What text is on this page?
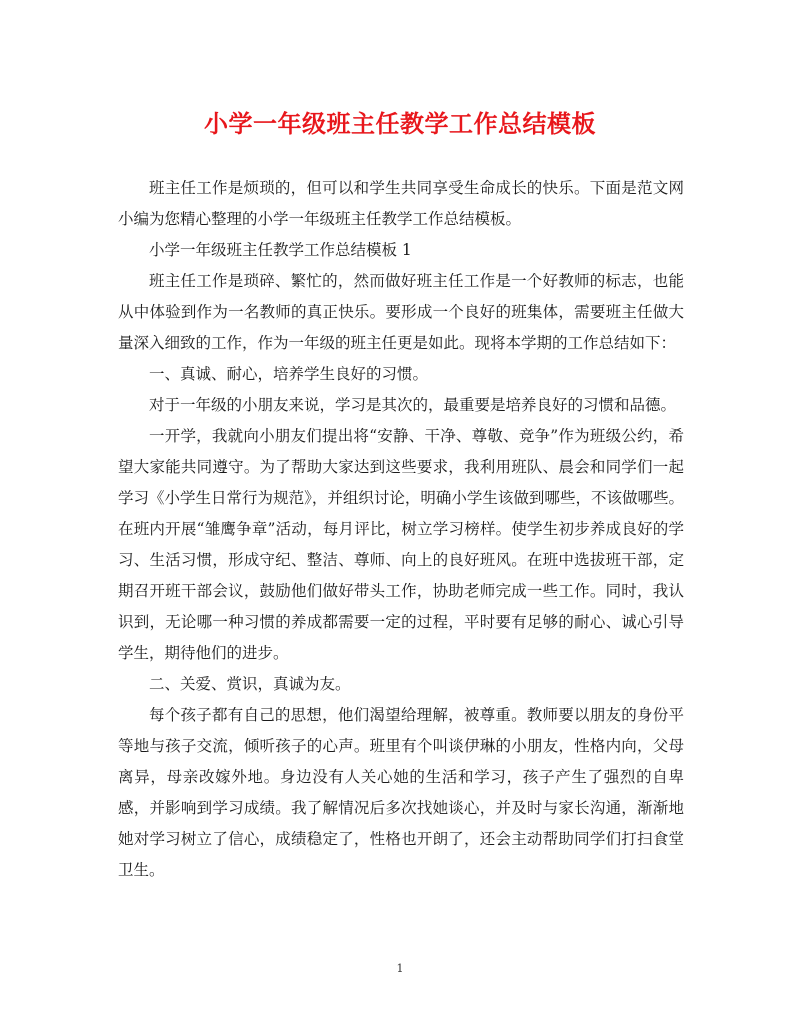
小学一年级班主任教学工作总结模板

班主任工作是烦琐的，但可以和学生共同享受生命成长的快乐。下面是范文网小编为您精心整理的小学一年级班主任教学工作总结模板。

小学一年级班主任教学工作总结模板 1

班主任工作是琐碎、繁忙的，然而做好班主任工作是一个好教师的标志，也能从中体验到作为一名教师的真正快乐。要形成一个良好的班集体，需要班主任做大量深入细致的工作，作为一年级的班主任更是如此。现将本学期的工作总结如下：

一、真诚、耐心，培养学生良好的习惯。

对于一年级的小朋友来说，学习是其次的，最重要是培养良好的习惯和品德。

一开学，我就向小朋友们提出将“安静、干净、尊敬、竞争”作为班级公约，希望大家能共同遵守。为了帮助大家达到这些要求，我利用班队、晨会和同学们一起学习《小学生日常行为规范》，并组织讨论，明确小学生该做到哪些，不该做哪些。在班内开展“雏鹰争章”活动，每月评比，树立学习榜样。使学生初步养成良好的学习、生活习惯，形成守纪、整洁、尊师、向上的良好班风。在班中选拔班干部，定期召开班干部会议，鼓励他们做好带头工作，协助老师完成一些工作。同时，我认识到，无论哪一种习惯的养成都需要一定的过程，平时要有足够的耐心、诚心引导学生，期待他们的进步。

二、关爱、赏识，真诚为友。

每个孩子都有自己的思想，他们渴望给理解，被尊重。教师要以朋友的身份平等地与孩子交流，倾听孩子的心声。班里有个叫谈伊琳的小朋友，性格内向，父母离异，母亲改嫁外地。身边没有人关心她的生活和学习，孩子产生了强烈的自卑感，并影响到学习成绩。我了解情况后多次找她谈心，并及时与家长沟通，渐渐地她对学习树立了信心，成绩稳定了，性格也开朗了，还会主动帮助同学们打扫食堂卫生。

1
